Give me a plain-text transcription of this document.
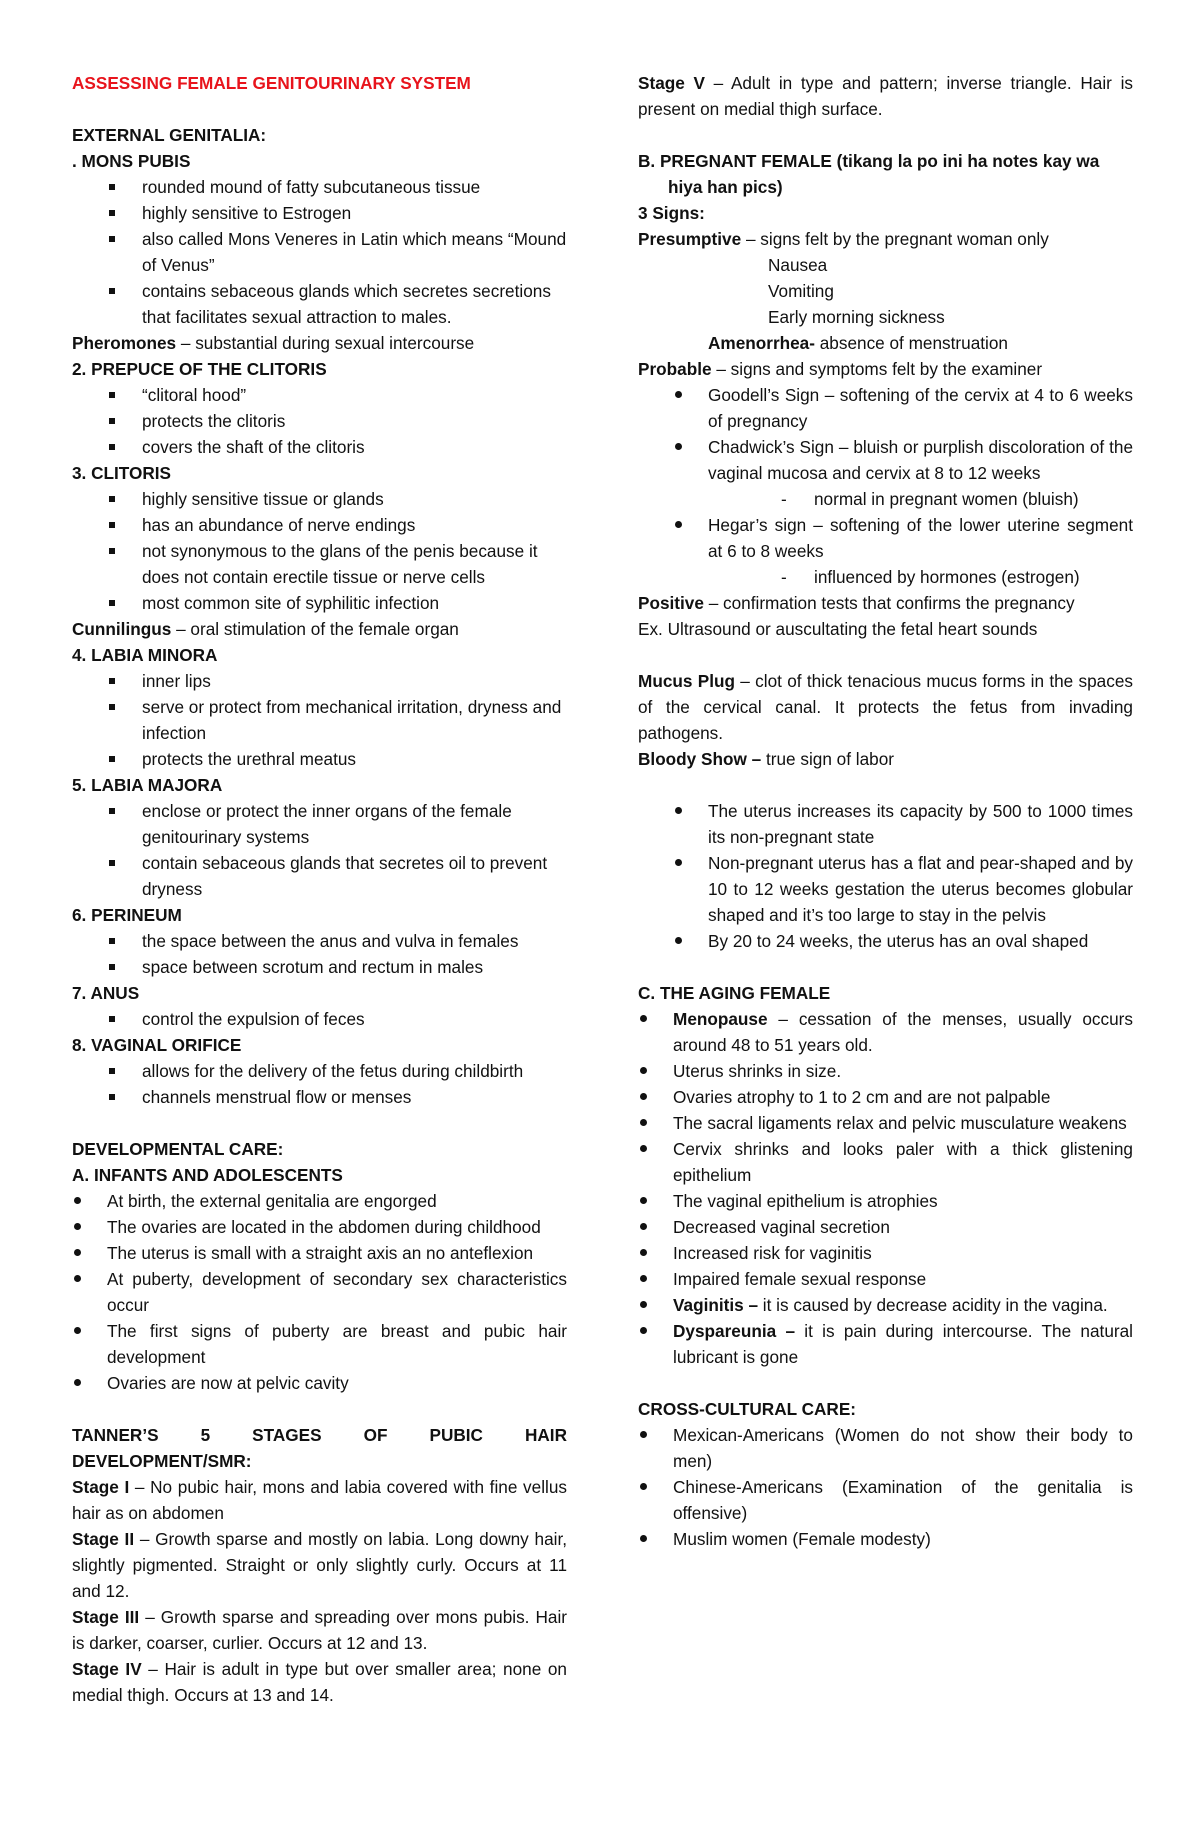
ASSESSING FEMALE GENITOURINARY SYSTEM
EXTERNAL GENITALIA:
. MONS PUBIS
rounded mound of fatty subcutaneous tissue
highly sensitive to Estrogen
also called Mons Veneres in Latin which means “Mound of Venus”
contains sebaceous glands which secretes secretions that facilitates sexual attraction to males.
Pheromones – substantial during sexual intercourse
2. PREPUCE OF THE CLITORIS
“clitoral hood”
protects the clitoris
covers the shaft of the clitoris
3. CLITORIS
highly sensitive tissue or glands
has an abundance of nerve endings
not synonymous to the glans of the penis because it does not contain erectile tissue or nerve cells
most common site of syphilitic infection
Cunnilingus – oral stimulation of the female organ
4. LABIA MINORA
inner lips
serve or protect from mechanical irritation, dryness and infection
protects the urethral meatus
5. LABIA MAJORA
enclose or protect the inner organs of the female genitourinary systems
contain sebaceous glands that secretes oil to prevent dryness
6. PERINEUM
the space between the anus and vulva in females
space between scrotum and rectum in males
7. ANUS
control the expulsion of feces
8. VAGINAL ORIFICE
allows for the delivery of the fetus during childbirth
channels menstrual flow or menses
DEVELOPMENTAL CARE:
A. INFANTS AND ADOLESCENTS
At birth, the external genitalia are engorged
The ovaries are located in the abdomen during childhood
The uterus is small with a straight axis an no anteflexion
At puberty, development of secondary sex characteristics occur
The first signs of puberty are breast and pubic hair development
Ovaries are now at pelvic cavity
TANNER’S 5 STAGES OF PUBIC HAIR
DEVELOPMENT/SMR:
Stage I – No pubic hair, mons and labia covered with fine vellus hair as on abdomen
Stage II – Growth sparse and mostly on labia. Long downy hair, slightly pigmented. Straight or only slightly curly. Occurs at 11 and 12.
Stage III – Growth sparse and spreading over mons pubis. Hair is darker, coarser, curlier. Occurs at 12 and 13.
Stage IV – Hair is adult in type but over smaller area; none on medial thigh. Occurs at 13 and 14.
Stage V – Adult in type and pattern; inverse triangle. Hair is present on medial thigh surface.
B. PREGNANT FEMALE (tikang la po ini ha notes kay wa
hiya han pics)
3 Signs:
Presumptive – signs felt by the pregnant woman only
Nausea
Vomiting
Early morning sickness
Amenorrhea- absence of menstruation
Probable – signs and symptoms felt by the examiner
Goodell’s Sign – softening of the cervix at 4 to 6 weeks of pregnancy
Chadwick’s Sign – bluish or purplish discoloration of the vaginal mucosa and cervix at 8 to 12 weeks
- normal in pregnant women (bluish)
Hegar’s sign – softening of the lower uterine segment at 6 to 8 weeks
- influenced by hormones (estrogen)
Positive – confirmation tests that confirms the pregnancy
Ex. Ultrasound or auscultating the fetal heart sounds
Mucus Plug – clot of thick tenacious mucus forms in the spaces of the cervical canal. It protects the fetus from invading pathogens.
Bloody Show – true sign of labor
The uterus increases its capacity by 500 to 1000 times its non-pregnant state
Non-pregnant uterus has a flat and pear-shaped and by 10 to 12 weeks gestation the uterus becomes globular shaped and it’s too large to stay in the pelvis
By 20 to 24 weeks, the uterus has an oval shaped
C. THE AGING FEMALE
Menopause – cessation of the menses, usually occurs around 48 to 51 years old.
Uterus shrinks in size.
Ovaries atrophy to 1 to 2 cm and are not palpable
The sacral ligaments relax and pelvic musculature weakens
Cervix shrinks and looks paler with a thick glistening epithelium
The vaginal epithelium is atrophies
Decreased vaginal secretion
Increased risk for vaginitis
Impaired female sexual response
Vaginitis – it is caused by decrease acidity in the vagina.
Dyspareunia – it is pain during intercourse. The natural lubricant is gone
CROSS-CULTURAL CARE:
Mexican-Americans (Women do not show their body to men)
Chinese-Americans (Examination of the genitalia is offensive)
Muslim women (Female modesty)
